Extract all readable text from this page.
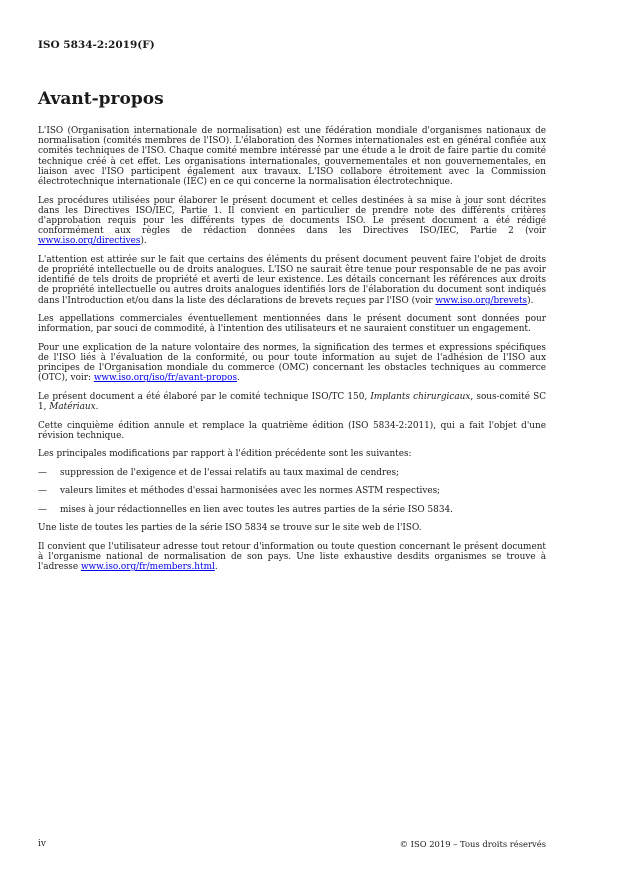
ISO 5834-2:2019(F)
Avant-propos

L'ISO (Organisation internationale de normalisation) est une fédération mondiale d'organismes nationaux de normalisation (comités membres de l'ISO). L'élaboration des Normes internationales est en général confiée aux comités techniques de l'ISO. Chaque comité membre intéressé par une étude a le droit de faire partie du comité technique créé à cet effet. Les organisations internationales, gouvernementales et non gouvernementales, en liaison avec l'ISO participent également aux travaux. L'ISO collabore étroitement avec la Commission électrotechnique internationale (IEC) en ce qui concerne la normalisation électrotechnique.

Les procédures utilisées pour élaborer le présent document et celles destinées à sa mise à jour sont décrites dans les Directives ISO/IEC, Partie 1. Il convient en particulier de prendre note des différents critères d'approbation requis pour les différents types de documents ISO. Le présent document a été rédigé conformément aux règles de rédaction données dans les Directives ISO/IEC, Partie 2 (voir www.iso.org/directives).

L'attention est attirée sur le fait que certains des éléments du présent document peuvent faire l'objet de droits de propriété intellectuelle ou de droits analogues. L'ISO ne saurait être tenue pour responsable de ne pas avoir identifié de tels droits de propriété et averti de leur existence. Les détails concernant les références aux droits de propriété intellectuelle ou autres droits analogues identifiés lors de l'élaboration du document sont indiqués dans l'Introduction et/ou dans la liste des déclarations de brevets reçues par l'ISO (voir www.iso.org/brevets).

Les appellations commerciales éventuellement mentionnées dans le présent document sont données pour information, par souci de commodité, à l'intention des utilisateurs et ne sauraient constituer un engagement.

Pour une explication de la nature volontaire des normes, la signification des termes et expressions spécifiques de l'ISO liés à l'évaluation de la conformité, ou pour toute information au sujet de l'adhésion de l'ISO aux principes de l'Organisation mondiale du commerce (OMC) concernant les obstacles techniques au commerce (OTC), voir: www.iso.org/iso/fr/avant-propos.

Le présent document a été élaboré par le comité technique ISO/TC 150, Implants chirurgicaux, sous-comité SC 1, Matériaux.

Cette cinquième édition annule et remplace la quatrième édition (ISO 5834-2:2011), qui a fait l'objet d'une révision technique.

Les principales modifications par rapport à l'édition précédente sont les suivantes:

—	suppression de l'exigence et de l'essai relatifs au taux maximal de cendres;
—	valeurs limites et méthodes d'essai harmonisées avec les normes ASTM respectives;
—	mises à jour rédactionnelles en lien avec toutes les autres parties de la série ISO 5834.

Une liste de toutes les parties de la série ISO 5834 se trouve sur le site web de l'ISO.

Il convient que l'utilisateur adresse tout retour d'information ou toute question concernant le présent document à l'organisme national de normalisation de son pays. Une liste exhaustive desdits organismes se trouve à l'adresse www.iso.org/fr/members.html.

iv	© ISO 2019 – Tous droits réservés
